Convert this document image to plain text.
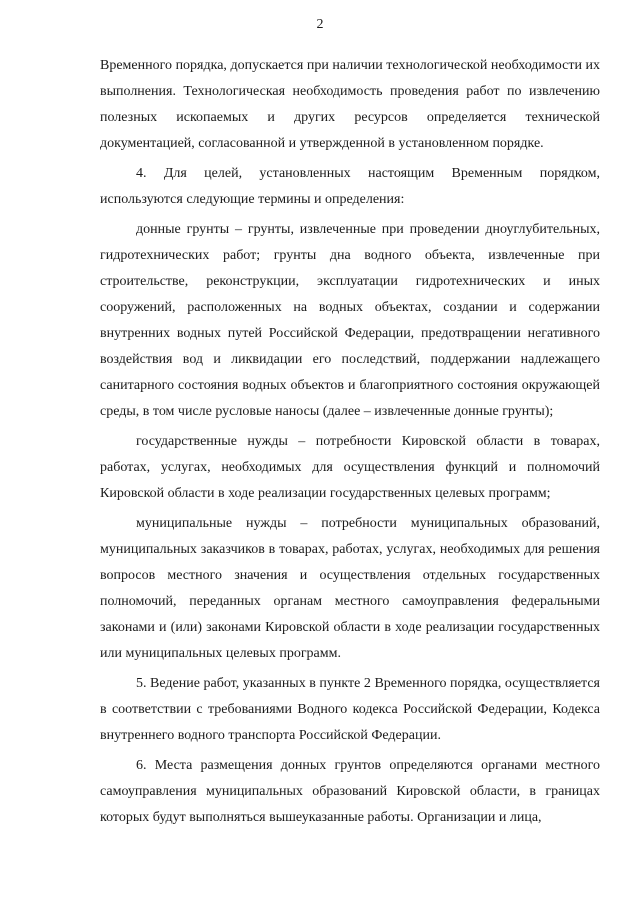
2

Временного порядка, допускается при наличии технологической необходимости их выполнения. Технологическая необходимость проведения работ по извлечению полезных ископаемых и других ресурсов определяется технической документацией, согласованной и утвержденной в установленном порядке.

4. Для целей, установленных настоящим Временным порядком, используются следующие термины и определения:

донные грунты – грунты, извлеченные при проведении дноуглубительных, гидротехнических работ; грунты дна водного объекта, извлеченные при строительстве, реконструкции, эксплуатации гидротехнических и иных сооружений, расположенных на водных объектах, создании и содержании внутренних водных путей Российской Федерации, предотвращении негативного воздействия вод и ликвидации его последствий, поддержании надлежащего санитарного состояния водных объектов и благоприятного состояния окружающей среды, в том числе русловые наносы (далее – извлеченные донные грунты);

государственные нужды – потребности Кировской области в товарах, работах, услугах, необходимых для осуществления функций и полномочий Кировской области в ходе реализации государственных целевых программ;

муниципальные нужды – потребности муниципальных образований, муниципальных заказчиков в товарах, работах, услугах, необходимых для решения вопросов местного значения и осуществления отдельных государственных полномочий, переданных органам местного самоуправления федеральными законами и (или) законами Кировской области в ходе реализации государственных или муниципальных целевых программ.

5. Ведение работ, указанных в пункте 2 Временного порядка, осуществляется в соответствии с требованиями Водного кодекса Российской Федерации, Кодекса внутреннего водного транспорта Российской Федерации.

6. Места размещения донных грунтов определяются органами местного самоуправления муниципальных образований Кировской области, в границах которых будут выполняться вышеуказанные работы. Организации и лица,
